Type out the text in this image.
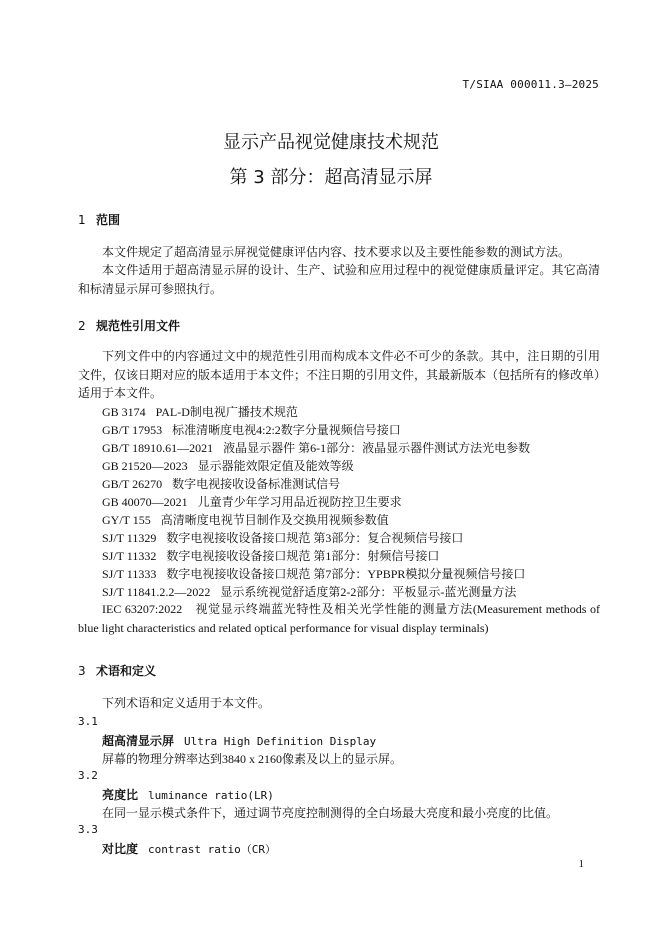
T/SIAA 000011.3—2025
显示产品视觉健康技术规范
第 3 部分：超高清显示屏
1 范围
本文件规定了超高清显示屏视觉健康评估内容、技术要求以及主要性能参数的测试方法。
本文件适用于超高清显示屏的设计、生产、试验和应用过程中的视觉健康质量评定。其它高清和标清显示屏可参照执行。
2 规范性引用文件
下列文件中的内容通过文中的规范性引用而构成本文件必不可少的条款。其中，注日期的引用文件，仅该日期对应的版本适用于本文件；不注日期的引用文件，其最新版本（包括所有的修改单）适用于本文件。
GB 3174 PAL-D制电视广播技术规范
GB/T 17953 标准清晰度电视4:2:2数字分量视频信号接口
GB/T 18910.61—2021 液晶显示器件 第6-1部分：液晶显示器件测试方法光电参数
GB 21520—2023 显示器能效限定值及能效等级
GB/T 26270 数字电视接收设备标准测试信号
GB 40070—2021 儿童青少年学习用品近视防控卫生要求
GY/T 155 高清晰度电视节目制作及交换用视频参数值
SJ/T 11329 数字电视接收设备接口规范 第3部分：复合视频信号接口
SJ/T 11332 数字电视接收设备接口规范 第1部分：射频信号接口
SJ/T 11333 数字电视接收设备接口规范 第7部分：YPBPR模拟分量视频信号接口
SJ/T 11841.2.2—2022 显示系统视觉舒适度第2-2部分：平板显示-蓝光测量方法
IEC 63207:2022　视觉显示终端蓝光特性及相关光学性能的测量方法(Measurement methods of blue light characteristics and related optical performance for visual display terminals)
3 术语和定义
下列术语和定义适用于本文件。
3.1
超高清显示屏 Ultra High Definition Display
屏幕的物理分辨率达到3840 x 2160像素及以上的显示屏。
3.2
亮度比 luminance ratio(LR)
在同一显示模式条件下，通过调节亮度控制测得的全白场最大亮度和最小亮度的比值。
3.3
对比度 contrast ratio（CR）
1
